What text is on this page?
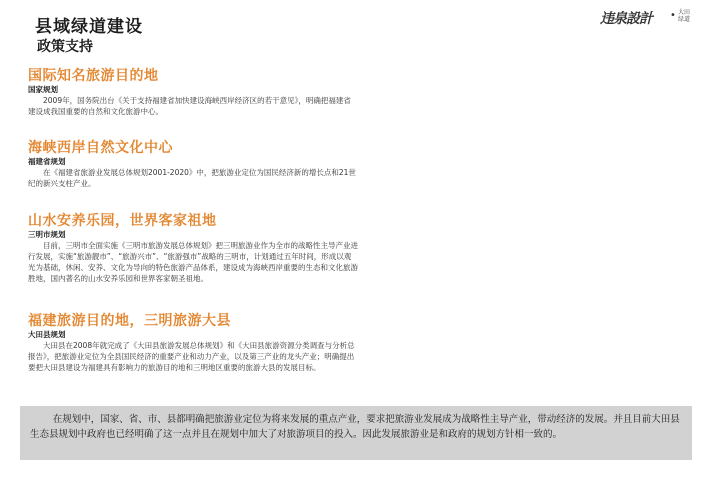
县域绿道建设
政策支持
违泉設計 • 大田绿道
国际知名旅游目的地
国家规划

2009年，国务院出台《关于支持福建省加快建设海峡西岸经济区的若干意见》，明确把福建省建设成我国重要的自然和文化旅游中心。

海峡西岸自然文化中心
福建省规划

在《福建省旅游业发展总体规划2001-2020》中，把旅游业定位为国民经济新的增长点和21世纪的新兴支柱产业。

山水安养乐园，世界客家祖地
三明市规划

目前，三明市全面实施《三明市旅游发展总体规划》把三明旅游业作为全市的战略性主导产业进行发展，实施“旅游靓市”、“旅游兴市”、“旅游强市”战略的三明市，计划通过五年时间，形成以观光为基础，休闲、安养、文化为导向的特色旅游产品体系，建设成为海峡西岸重要的生态和文化旅游胜地，国内著名的山水安养乐园和世界客家朝圣祖地。

福建旅游目的地，三明旅游大县
大田县规划

大田县在2008年就完成了《大田县旅游发展总体规划》和《大田县旅游资源分类调查与分析总报告》，把旅游业定位为全县国民经济的重要产业和动力产业，以及第三产业的龙头产业；明确提出要把大田县建设为福建具有影响力的旅游目的地和三明地区重要的旅游大县的发展目标。

在规划中，国家、省、市、县都明确把旅游业定位为将来发展的重点产业，要求把旅游业发展成为战略性主导产业，带动经济的发展。并且目前大田县生态县规划中政府也已经明确了这一点并且在规划中加大了对旅游项目的投入。因此发展旅游业是和政府的规划方针相一致的。
